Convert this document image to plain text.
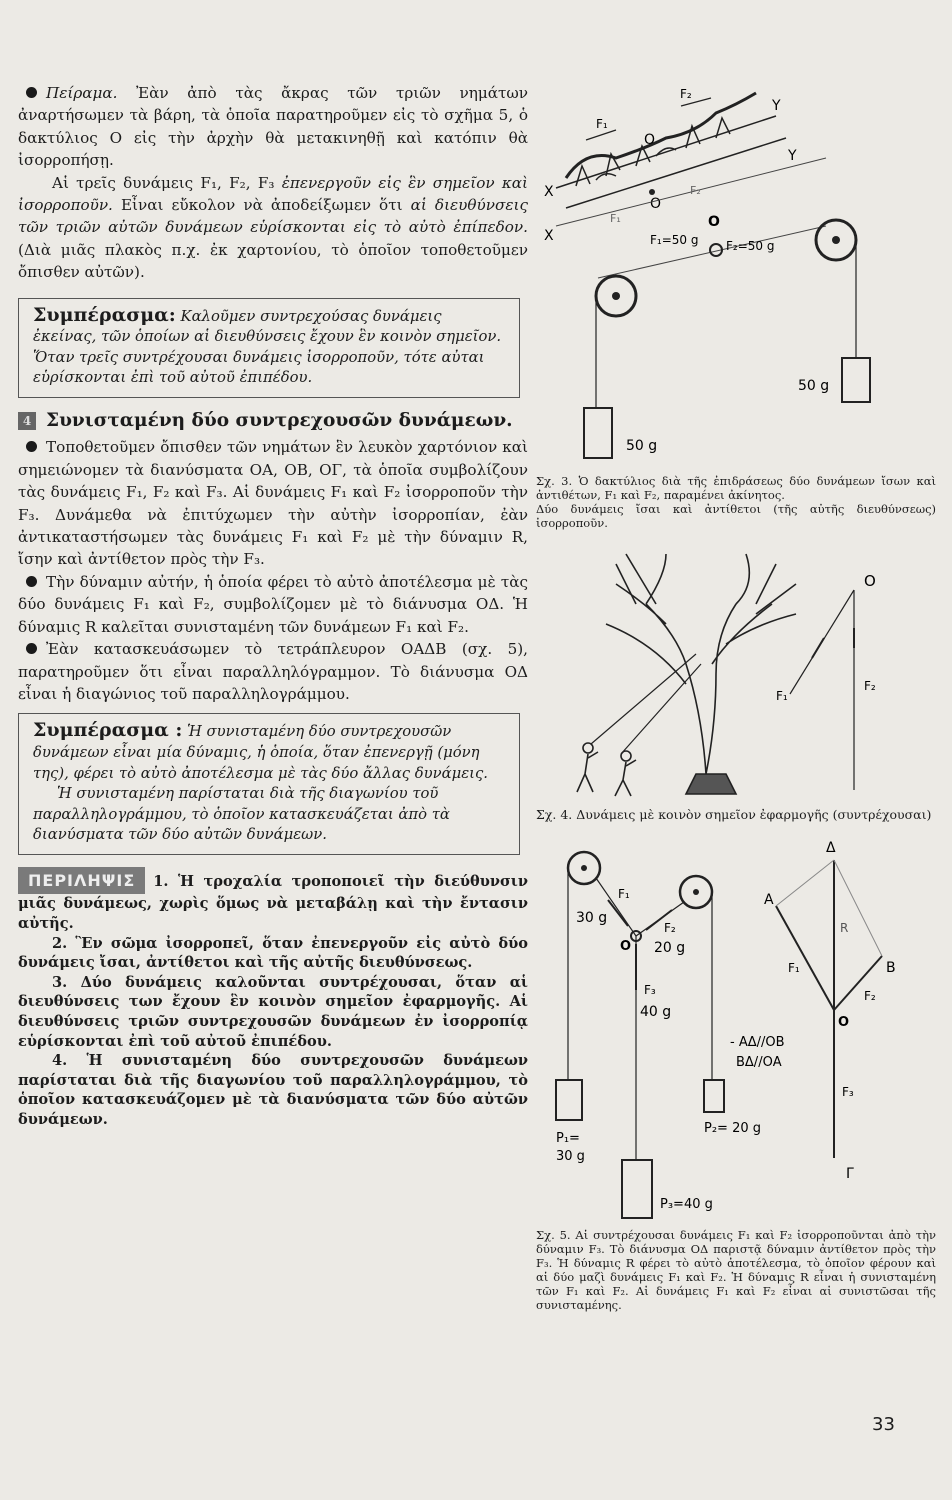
Πείραμα. Ἐὰν ἀπὸ τὰς ἄκρας τῶν τριῶν νημάτων ἀναρτήσωμεν τὰ βάρη, τὰ ὁποῖα παρατηροῦμεν εἰς τὸ σχῆμα 5, ὁ δακτύλιος O εἰς τὴν ἀρχὴν θὰ μετακινηθῇ καὶ κατόπιν θὰ ἰσορροπήσῃ.

Αἱ τρεῖς δυνάμεις F₁, F₂, F₃ ἐπενεργοῦν εἰς ἓν σημεῖον καὶ ἰσορροποῦν. Εἶναι εὔκολον νὰ ἀποδείξωμεν ὅτι αἱ διευθύνσεις τῶν τριῶν αὐτῶν δυνάμεων εὑρίσκονται εἰς τὸ αὐτὸ ἐπίπεδον. (Διὰ μιᾶς πλακὸς π.χ. ἐκ χαρτονίου, τὸ ὁποῖον τοποθετοῦμεν ὄπισθεν αὐτῶν).

Συμπέρασμα: Καλοῦμεν συντρεχούσας δυνάμεις ἐκείνας, τῶν ὁποίων αἱ διευθύνσεις ἔχουν ἓν κοινὸν σημεῖον. Ὅταν τρεῖς συντρέχουσαι δυνάμεις ἰσορροποῦν, τότε αὐται εὑρίσκονται ἐπὶ τοῦ αὐτοῦ ἐπιπέδου.
4 Συνισταμένη δύο συντρεχουσῶν δυνάμεων.

Τοποθετοῦμεν ὄπισθεν τῶν νημάτων ἓν λευκὸν χαρτόνιον καὶ σημειώνομεν τὰ διανύσματα ΟΑ, ΟΒ, ΟΓ, τὰ ὁποῖα συμβολίζουν τὰς δυνάμεις F₁, F₂ καὶ F₃. Αἱ δυνάμεις F₁ καὶ F₂ ἰσορροποῦν τὴν F₃. Δυνάμεθα νὰ ἐπιτύχωμεν τὴν αὐτὴν ἰσορροπίαν, ἐὰν ἀντικαταστήσωμεν τὰς δυνάμεις F₁ καὶ F₂ μὲ τὴν δύναμιν R, ἴσην καὶ ἀντίθετον πρὸς τὴν F₃.

Τὴν δύναμιν αὐτήν, ἡ ὁποία φέρει τὸ αὐτὸ ἀποτέλεσμα μὲ τὰς δύο δυνάμεις F₁ καὶ F₂, συμβολίζομεν μὲ τὸ διάνυσμα ΟΔ. Ἡ δύναμις R καλεῖται συνισταμένη τῶν δυνάμεων F₁ καὶ F₂.

Ἐὰν κατασκευάσωμεν τὸ τετράπλευρον ΟΑΔΒ (σχ. 5), παρατηροῦμεν ὅτι εἶναι παραλληλόγραμμον. Τὸ διάνυσμα ΟΔ εἶναι ἡ διαγώνιος τοῦ παραλληλογράμμου.

Συμπέρασμα : Ἡ συνισταμένη δύο συντρεχουσῶν δυνάμεων εἶναι μία δύναμις, ἡ ὁποία, ὅταν ἐπενεργῇ (μόνη της), φέρει τὸ αὐτὸ ἀποτέλεσμα μὲ τὰς δύο ἄλλας δυνάμεις.
Ἡ συνισταμένη παρίσταται διὰ τῆς διαγωνίου τοῦ παραλληλογράμμου, τὸ ὁποῖον κατασκευάζεται ἀπὸ τὰ διανύσματα τῶν δύο αὐτῶν δυνάμεων.

ΠΕΡΙΛΗΨΙΣ 1. Ἡ τροχαλία τροποποιεῖ τὴν διεύθυνσιν μιᾶς δυνάμεως, χωρὶς ὅμως νὰ μεταβάλῃ καὶ τὴν ἔντασιν αὐτῆς.

2. Ἓν σῶμα ἰσορροπεῖ, ὅταν ἐπενεργοῦν εἰς αὐτὸ δύο δυνάμεις ἴσαι, ἀντίθετοι καὶ τῆς αὐτῆς διευθύνσεως.

3. Δύο δυνάμεις καλοῦνται συντρέχουσαι, ὅταν αἱ διευθύνσεις των ἔχουν ἓν κοινὸν σημεῖον ἐφαρμογῆς. Αἱ διευθύνσεις τριῶν συντρεχουσῶν δυνάμεων ἐν ἰσορροπίᾳ εὑρίσκονται ἐπὶ τοῦ αὐτοῦ ἐπιπέδου.

4. Ἡ συνισταμένη δύο συντρεχουσῶν δυνάμεων παρίσταται διὰ τῆς διαγωνίου τοῦ παραλληλογράμμου, τὸ ὁποῖον κατασκευάζομεν μὲ τὰ διανύσματα τῶν δύο αὐτῶν δυνάμεων.

X
Y
Y
X
O
O
F₁
F₂
O
F₁=50 g F₂=50 g
F₂
F₁
50 g
50 g

Σχ. 3. Ὁ δακτύλιος διὰ τῆς ἐπιδράσεως δύο δυνάμεων ἴσων καὶ ἀντιθέτων, F₁ καὶ F₂, παραμένει ἀκίνητος.

Δύο δυνάμεις ἴσαι καὶ ἀντίθετοι (τῆς αὐτῆς διευθύνσεως) ἰσορροποῦν.

O
F₁
F₂

Σχ. 4. Δυνάμεις μὲ κοινὸν σημεῖον ἐφαρμογῆς (συντρέχουσαι)

F₁
F₂
F₃
O
30 g
20 g
40 g
P₁=
30 g
P₂= 20 g
P₃=40 g
Δ
A
B
Γ
R
F₁
F₂
F₃
O
- ΑΔ//ΟΒ
ΒΔ//ΟΑ

Σχ. 5. Αἱ συντρέχουσαι δυνάμεις F₁ καὶ F₂ ἰσορροποῦνται ἀπὸ τὴν δύναμιν F₃. Τὸ διάνυσμα ΟΔ παριστᾷ δύναμιν ἀντίθετον πρὸς τὴν F₃. Ἡ δύναμις R φέρει τὸ αὐτὸ ἀποτέλεσμα, τὸ ὁποῖον φέρουν καὶ αἱ δύο μαζὶ δυνάμεις F₁ καὶ F₂. Ἡ δύναμις R εἶναι ἡ συνισταμένη τῶν F₁ καὶ F₂. Αἱ δυνάμεις F₁ καὶ F₂ εἶναι αἱ συνιστῶσαι τῆς συνισταμένης.

33
